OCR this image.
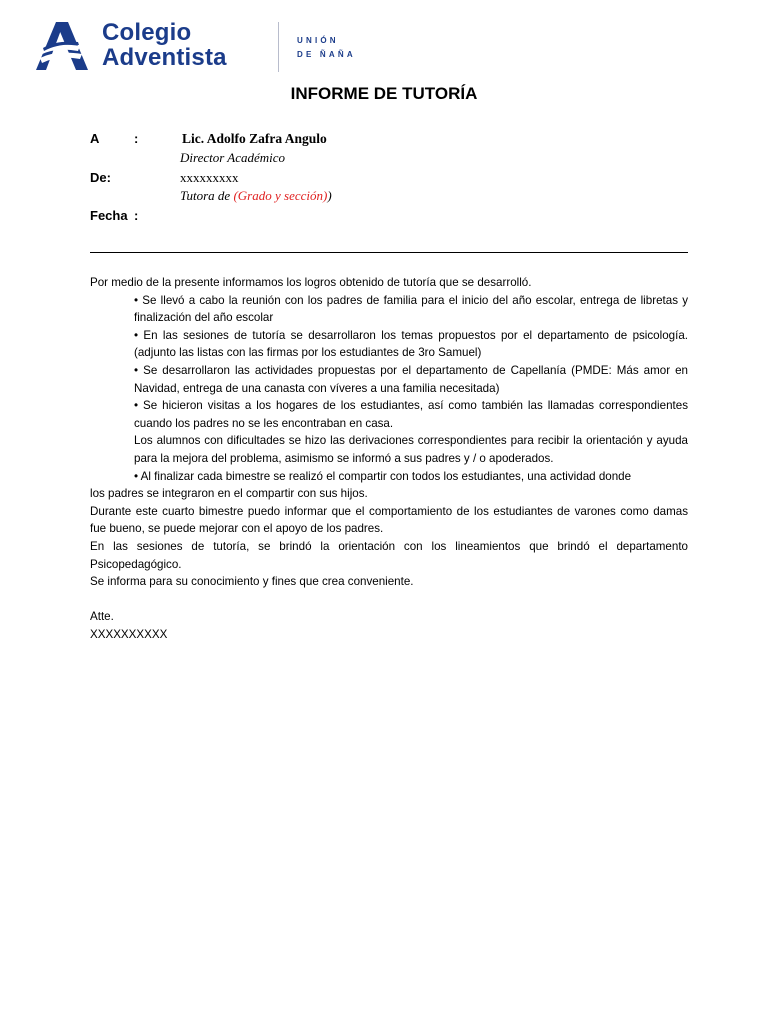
Colegio
Adventista
UNIÓN
DE ÑAÑA
INFORME DE TUTORÍA
A	:	Lic. Adolfo Zafra Angulo
Director Académico
De:	xxxxxxxxx
Tutora de (Grado y sección))
Fecha :

Por medio de la presente informamos los logros obtenido de tutoría que se desarrolló.

• Se llevó a cabo la reunión con los padres de familia para el inicio del año escolar, entrega de libretas y finalización del año escolar

• En las sesiones de tutoría se desarrollaron los temas propuestos por el departamento de psicología. (adjunto las listas con las firmas por los estudiantes de 3ro Samuel)

• Se desarrollaron las actividades propuestas por el departamento de Capellanía (PMDE: Más amor en Navidad, entrega de una canasta con víveres a una familia necesitada)

• Se hicieron visitas a los hogares de los estudiantes, así como también las llamadas correspondientes cuando los padres no se les encontraban en casa.

Los alumnos con dificultades se hizo las derivaciones correspondientes para recibir la orientación y ayuda para la mejora del problema, asimismo se informó a sus padres y / o apoderados.

• Al finalizar cada bimestre se realizó el compartir con todos los estudiantes, una actividad donde

los padres se integraron en el compartir con sus hijos.

Durante este cuarto bimestre puedo informar que el comportamiento de los estudiantes de varones como damas fue bueno, se puede mejorar con el apoyo de los padres.

En las sesiones de tutoría, se brindó la orientación con los lineamientos que brindó el departamento Psicopedagógico.

Se informa para su conocimiento y fines que crea conveniente.

Atte.

XXXXXXXXXX
